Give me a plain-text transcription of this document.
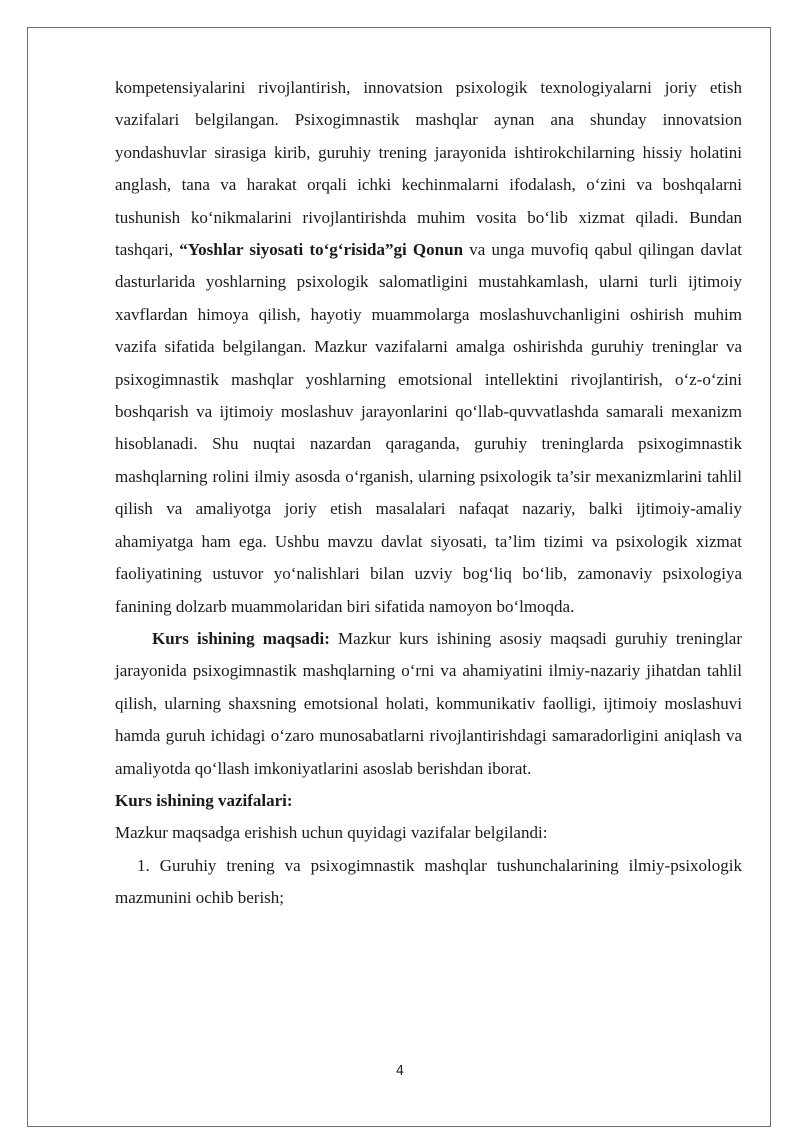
kompetensiyalarini rivojlantirish, innovatsion psixologik texnologiyalarni joriy etish vazifalari belgilangan. Psixogimnastik mashqlar aynan ana shunday innovatsion yondashuvlar sirasiga kirib, guruhiy trening jarayonida ishtirokchilarning hissiy holatini anglash, tana va harakat orqali ichki kechinmalarni ifodalash, o‘zini va boshqalarni tushunish ko‘nikmalarini rivojlantirishda muhim vosita bo‘lib xizmat qiladi. Bundan tashqari, “Yoshlar siyosati to‘g‘risida”gi Qonun va unga muvofiq qabul qilingan davlat dasturlarida yoshlarning psixologik salomatligini mustahkamlash, ularni turli ijtimoiy xavflardan himoya qilish, hayotiy muammolarga moslashuvchanligini oshirish muhim vazifa sifatida belgilangan. Mazkur vazifalarni amalga oshirishda guruhiy treninglar va psixogimnastik mashqlar yoshlarning emotsional intellektini rivojlantirish, o‘z-o‘zini boshqarish va ijtimoiy moslashuv jarayonlarini qo‘llab-quvvatlashda samarali mexanizm hisoblanadi. Shu nuqtai nazardan qaraganda, guruhiy treninglarda psixogimnastik mashqlarning rolini ilmiy asosda o‘rganish, ularning psixologik ta’sir mexanizmlarini tahlil qilish va amaliyotga joriy etish masalalari nafaqat nazariy, balki ijtimoiy-amaliy ahamiyatga ham ega. Ushbu mavzu davlat siyosati, ta’lim tizimi va psixologik xizmat faoliyatining ustuvor yo‘nalishlari bilan uzviy bog‘liq bo‘lib, zamonaviy psixologiya fanining dolzarb muammolaridan biri sifatida namoyon bo‘lmoqda.

Kurs ishining maqsadi: Mazkur kurs ishining asosiy maqsadi guruhiy treninglar jarayonida psixogimnastik mashqlarning o‘rni va ahamiyatini ilmiy-nazariy jihatdan tahlil qilish, ularning shaxsning emotsional holati, kommunikativ faolligi, ijtimoiy moslashuvi hamda guruh ichidagi o‘zaro munosabatlarni rivojlantirishdagi samaradorligini aniqlash va amaliyotda qo‘llash imkoniyatlarini asoslab berishdan iborat.

Kurs ishining vazifalari:

Mazkur maqsadga erishish uchun quyidagi vazifalar belgilandi:

1. Guruhiy trening va psixogimnastik mashqlar tushunchalarining ilmiy-psixologik mazmunini ochib berish;

4
